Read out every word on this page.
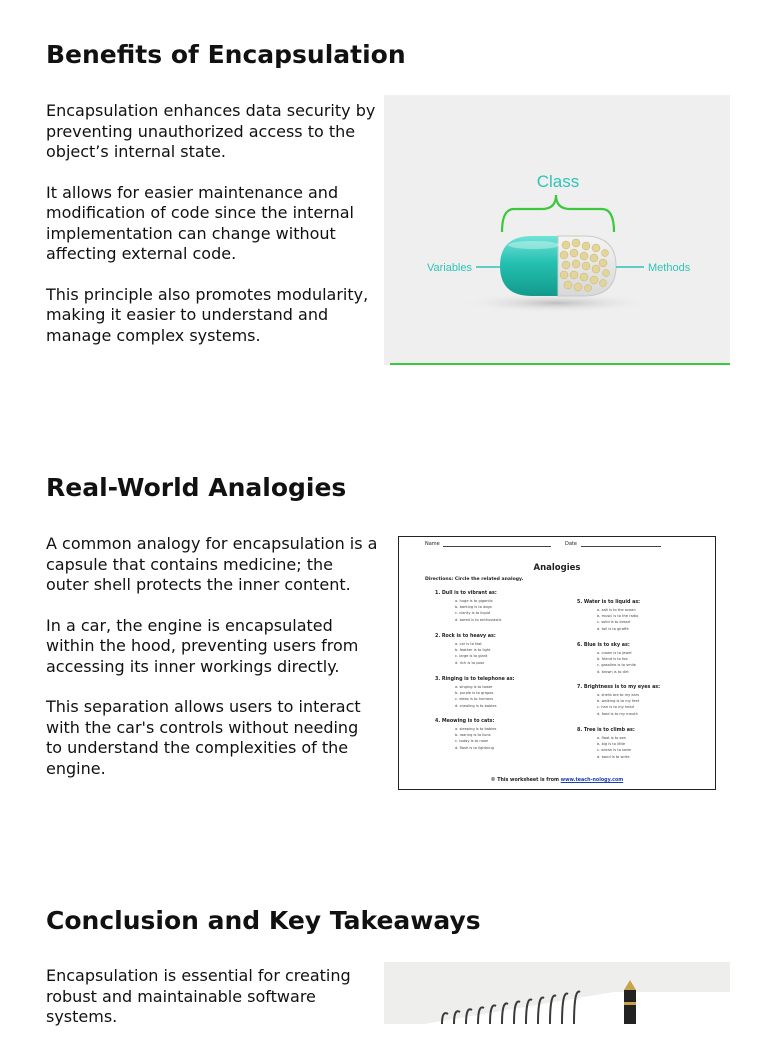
Benefits of Encapsulation

Encapsulation enhances data security by preventing unauthorized access to the object’s internal state.

It allows for easier maintenance and modification of code since the internal implementation can change without affecting external code.

This principle also promotes modularity, making it easier to understand and manage complex systems.

Class
Variables	Methods
Real-World Analogies

A common analogy for encapsulation is a capsule that contains medicine; the outer shell protects the inner content.

In a car, the engine is encapsulated within the hood, preventing users from accessing its inner workings directly.

This separation allows users to interact with the car's controls without needing to understand the complexities of the engine.

Name	Date
Analogies
Directions: Circle the related analogy.
1. Dull is to vibrant as:
a. huge is to gigantic
b. barking is to dogs
c. clarity is to liquid
d. bored is to enthusiastic
5. Water is to liquid as:
a. salt is to the ocean
b. music is to the radio
c. solid is to bread
d. tall is to giraffe
2. Rock is to heavy as:
a. car is to fast
b. feather is to light
c. large is to giant
d. rich is to poor
6. Blue is to sky as:
a. crown is to jewel
b. friend is to foe
c. gasoline is to smile
d. brown is to dirt
3. Ringing is to telephone as:
a. singing is to tower
b. purple is to grapes
c. sleep is to humans
d. crawling is to babies
7. Brightness is to my eyes as:
a. shells are to my ears
b. walking is to my feet
c. hair is to my head
d. food is to my mouth
4. Meowing is to cats:
a. sleeping is to babies
b. roaring is to lions
c. today is to noon
d. flash is to lightning
8. Tree is to climb as:
a. float is to sea
b. big is to little
c. ocean is to swim
d. band is to write
© This worksheet is from www.teach-nology.com
Conclusion and Key Takeaways

Encapsulation is essential for creating robust and maintainable software systems.
